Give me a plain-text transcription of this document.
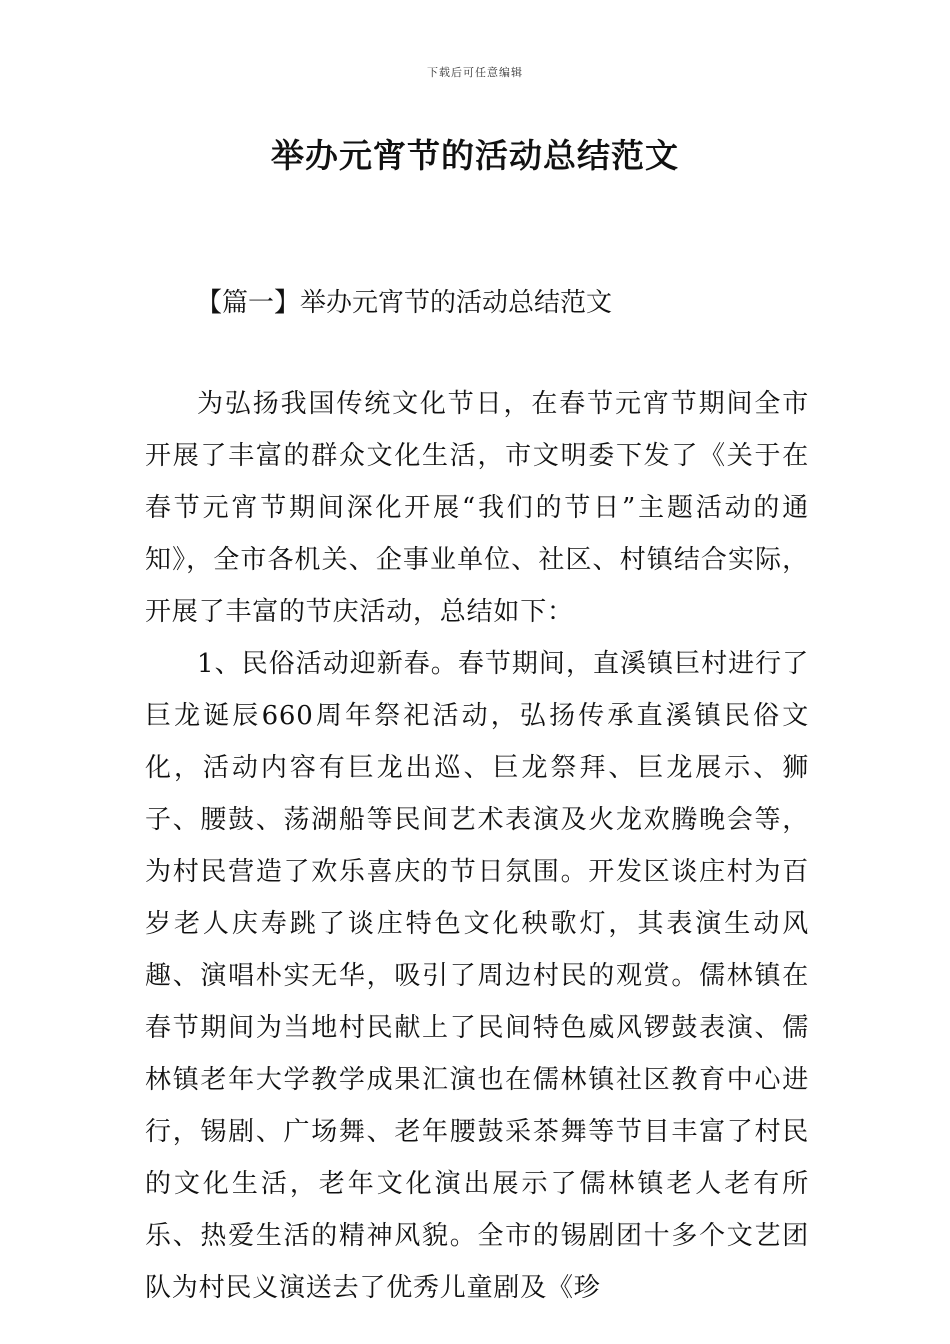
下载后可任意编辑
举办元宵节的活动总结范文
【篇一】举办元宵节的活动总结范文

为弘扬我国传统文化节日，在春节元宵节期间全市开展了丰富的群众文化生活，市文明委下发了《关于在春节元宵节期间深化开展“我们的节日”主题活动的通知》，全市各机关、企事业单位、社区、村镇结合实际，开展了丰富的节庆活动，总结如下：

1、民俗活动迎新春。春节期间，直溪镇巨村进行了巨龙诞辰660周年祭祀活动，弘扬传承直溪镇民俗文化，活动内容有巨龙出巡、巨龙祭拜、巨龙展示、狮子、腰鼓、荡湖船等民间艺术表演及火龙欢腾晚会等，为村民营造了欢乐喜庆的节日氛围。开发区谈庄村为百岁老人庆寿跳了谈庄特色文化秧歌灯，其表演生动风趣、演唱朴实无华，吸引了周边村民的观赏。儒林镇在春节期间为当地村民献上了民间特色威风锣鼓表演、儒林镇老年大学教学成果汇演也在儒林镇社区教育中心进行，锡剧、广场舞、老年腰鼓采茶舞等节目丰富了村民的文化生活，老年文化演出展示了儒林镇老人老有所乐、热爱生活的精神风貌。全市的锡剧团十多个文艺团队为村民义演送去了优秀儿童剧及《珍
